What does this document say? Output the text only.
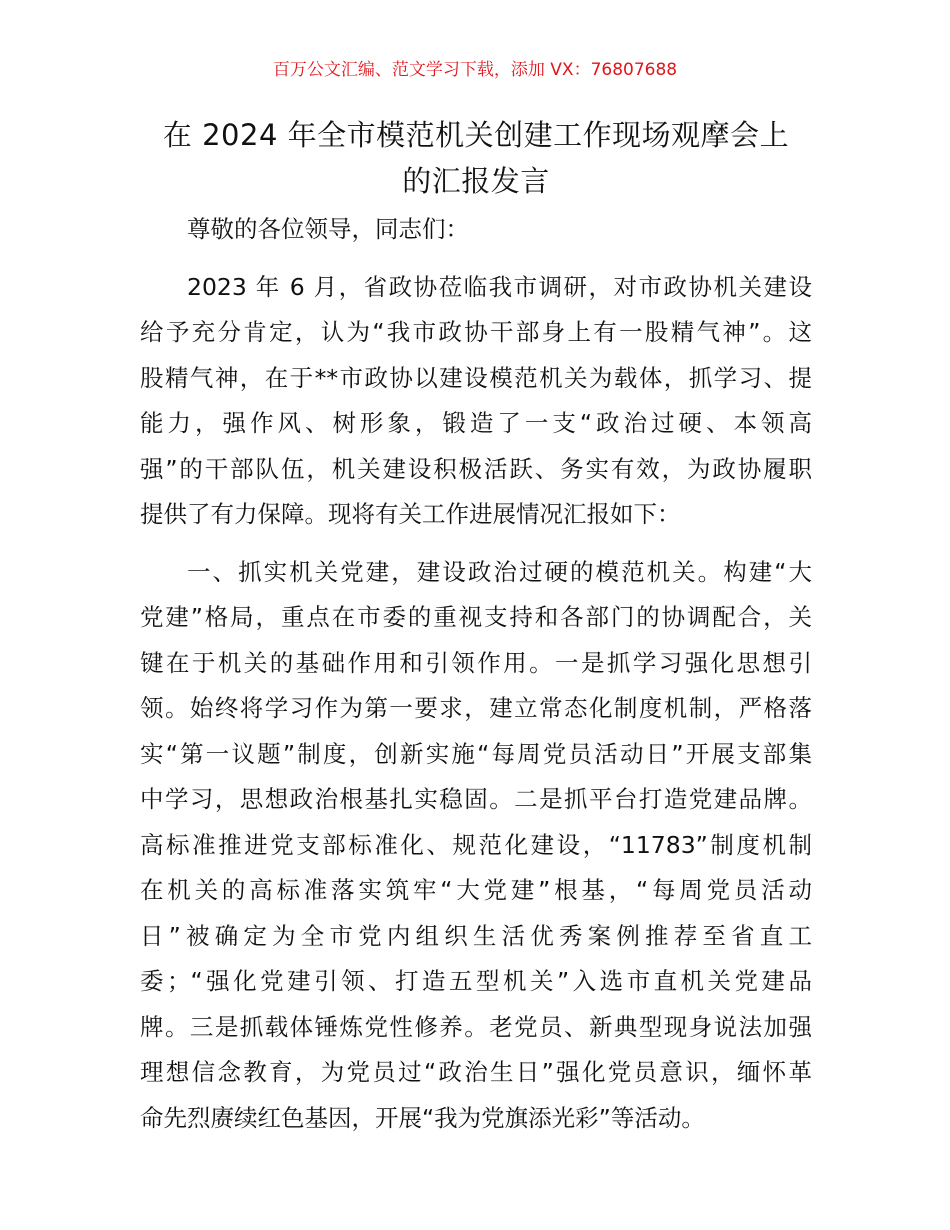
百万公文汇编、范文学习下载，添加 VX：76807688
在 2024 年全市模范机关创建工作现场观摩会上
的汇报发言

尊敬的各位领导，同志们：

2023 年 6 月，省政协莅临我市调研，对市政协机关建设
给予充分肯定，认为“我市政协干部身上有一股精气神”。这
股精气神，在于**市政协以建设模范机关为载体，抓学习、提
能力，强作风、树形象，锻造了一支“政治过硬、本领高
强”的干部队伍，机关建设积极活跃、务实有效，为政协履职
提供了有力保障。现将有关工作进展情况汇报如下：
一、抓实机关党建，建设政治过硬的模范机关。构建“大
党建”格局，重点在市委的重视支持和各部门的协调配合，关
键在于机关的基础作用和引领作用。一是抓学习强化思想引
领。始终将学习作为第一要求，建立常态化制度机制，严格落
实“第一议题”制度，创新实施“每周党员活动日”开展支部集
中学习，思想政治根基扎实稳固。二是抓平台打造党建品牌。
高标准推进党支部标准化、规范化建设，“11783”制度机制
在机关的高标准落实筑牢“大党建”根基，“每周党员活动
日”被确定为全市党内组织生活优秀案例推荐至省直工
委；“强化党建引领、打造五型机关”入选市直机关党建品
牌。三是抓载体锤炼党性修养。老党员、新典型现身说法加强
理想信念教育，为党员过“政治生日”强化党员意识，缅怀革
命先烈赓续红色基因，开展“我为党旗添光彩”等活动。
